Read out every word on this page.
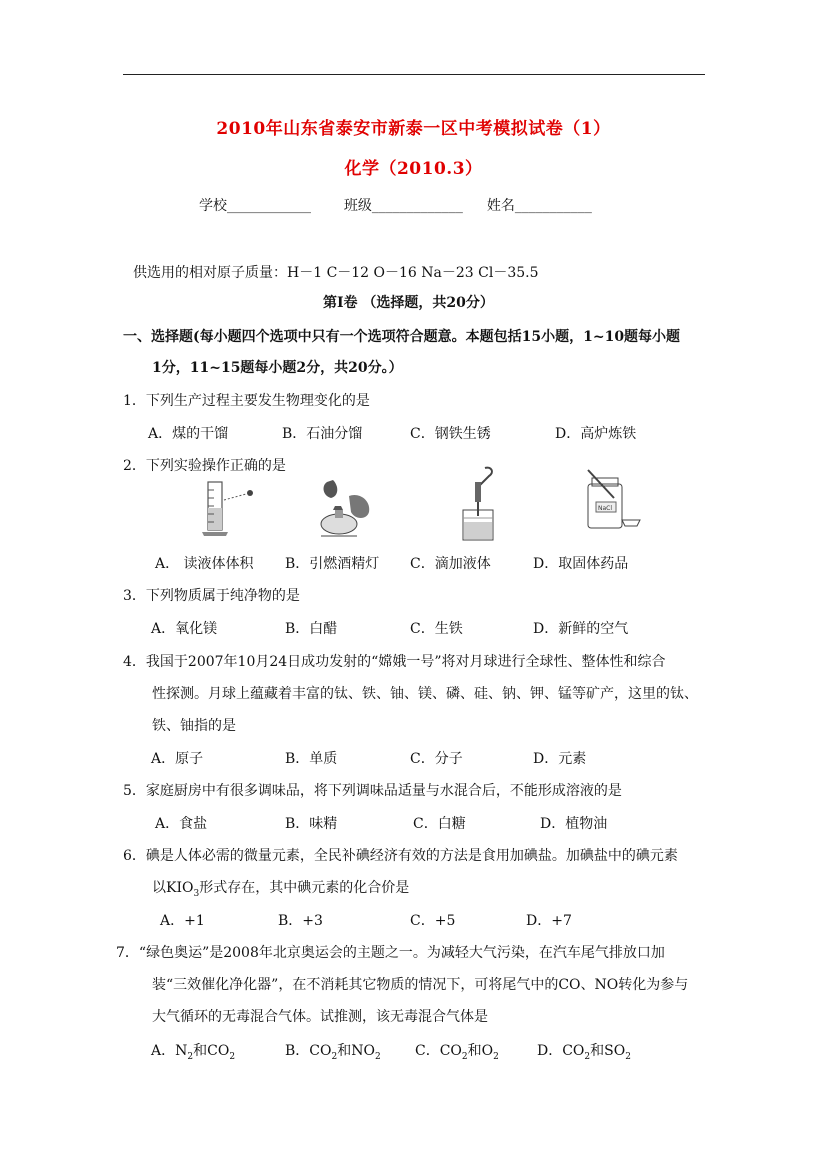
2010年山东省泰安市新泰一区中考模拟试卷（1）
化学（2010.3）
学校____________ 班级_____________ 姓名___________
供选用的相对原子质量：H－1 C－12 O－16 Na－23 Cl－35.5
第Ⅰ卷 （选择题，共20分）
一、选择题(每小题四个选项中只有一个选项符合题意。本题包括15小题，1~10题每小题
1分，11~15题每小题2分，共20分。）
1．下列生产过程主要发生物理变化的是
A．煤的干馏	B．石油分馏	C．钢铁生锈	D．高炉炼铁
2．下列实验操作正确的是
NaCl
A． 读液体体积 B．引燃酒精灯 C．滴加液体	D．取固体药品
3．下列物质属于纯净物的是
A．氧化镁	B．白醋	C．生铁	D．新鲜的空气
4．我国于2007年10月24日成功发射的“嫦娥一号”将对月球进行全球性、整体性和综合
性探测。月球上蕴藏着丰富的钛、铁、铀、镁、磷、硅、钠、钾、锰等矿产，这里的钛、
铁、铀指的是
A．原子	B．单质	C．分子	D．元素
5．家庭厨房中有很多调味品，将下列调味品适量与水混合后，不能形成溶液的是
A．食盐	B．味精	C．白糖	D．植物油
6．碘是人体必需的微量元素，全民补碘经济有效的方法是食用加碘盐。加碘盐中的碘元素
以$KIO_3$形式存在，其中碘元素的化合价是
A．+1	B．+3	C．+5	D．+7
7．“绿色奥运”是2008年北京奥运会的主题之一。为减轻大气污染，在汽车尾气排放口加
装“三效催化净化器”，在不消耗其它物质的情况下，可将尾气中的CO、NO转化为参与
大气循环的无毒混合气体。试推测，该无毒混合气体是
A．$N_2$和$CO_2$	B．$CO_2$和$NO_2$ C．$CO_2$和$O_2$	D．$CO_2$和$SO_2$
